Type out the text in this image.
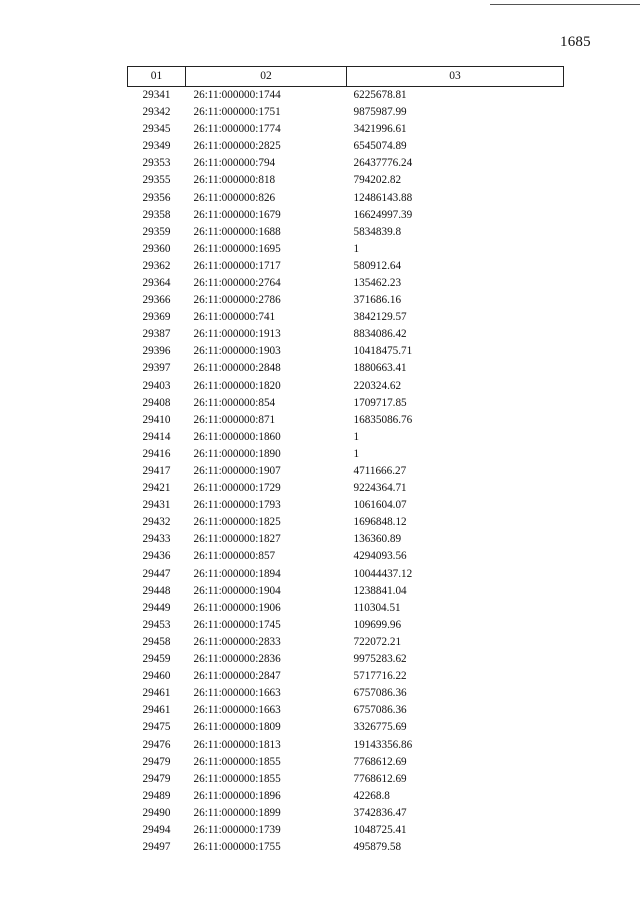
1685
01	02	03
29341	26:11:000000:1744	6225678.81
29342	26:11:000000:1751	9875987.99
29345	26:11:000000:1774	3421996.61
29349	26:11:000000:2825	6545074.89
29353	26:11:000000:794	26437776.24
29355	26:11:000000:818	794202.82
29356	26:11:000000:826	12486143.88
29358	26:11:000000:1679	16624997.39
29359	26:11:000000:1688	5834839.8
29360	26:11:000000:1695	1
29362	26:11:000000:1717	580912.64
29364	26:11:000000:2764	135462.23
29366	26:11:000000:2786	371686.16
29369	26:11:000000:741	3842129.57
29387	26:11:000000:1913	8834086.42
29396	26:11:000000:1903	10418475.71
29397	26:11:000000:2848	1880663.41
29403	26:11:000000:1820	220324.62
29408	26:11:000000:854	1709717.85
29410	26:11:000000:871	16835086.76
29414	26:11:000000:1860	1
29416	26:11:000000:1890	1
29417	26:11:000000:1907	4711666.27
29421	26:11:000000:1729	9224364.71
29431	26:11:000000:1793	1061604.07
29432	26:11:000000:1825	1696848.12
29433	26:11:000000:1827	136360.89
29436	26:11:000000:857	4294093.56
29447	26:11:000000:1894	10044437.12
29448	26:11:000000:1904	1238841.04
29449	26:11:000000:1906	110304.51
29453	26:11:000000:1745	109699.96
29458	26:11:000000:2833	722072.21
29459	26:11:000000:2836	9975283.62
29460	26:11:000000:2847	5717716.22
29461	26:11:000000:1663	6757086.36
29461	26:11:000000:1663	6757086.36
29475	26:11:000000:1809	3326775.69
29476	26:11:000000:1813	19143356.86
29479	26:11:000000:1855	7768612.69
29479	26:11:000000:1855	7768612.69
29489	26:11:000000:1896	42268.8
29490	26:11:000000:1899	3742836.47
29494	26:11:000000:1739	1048725.41
29497	26:11:000000:1755	495879.58
